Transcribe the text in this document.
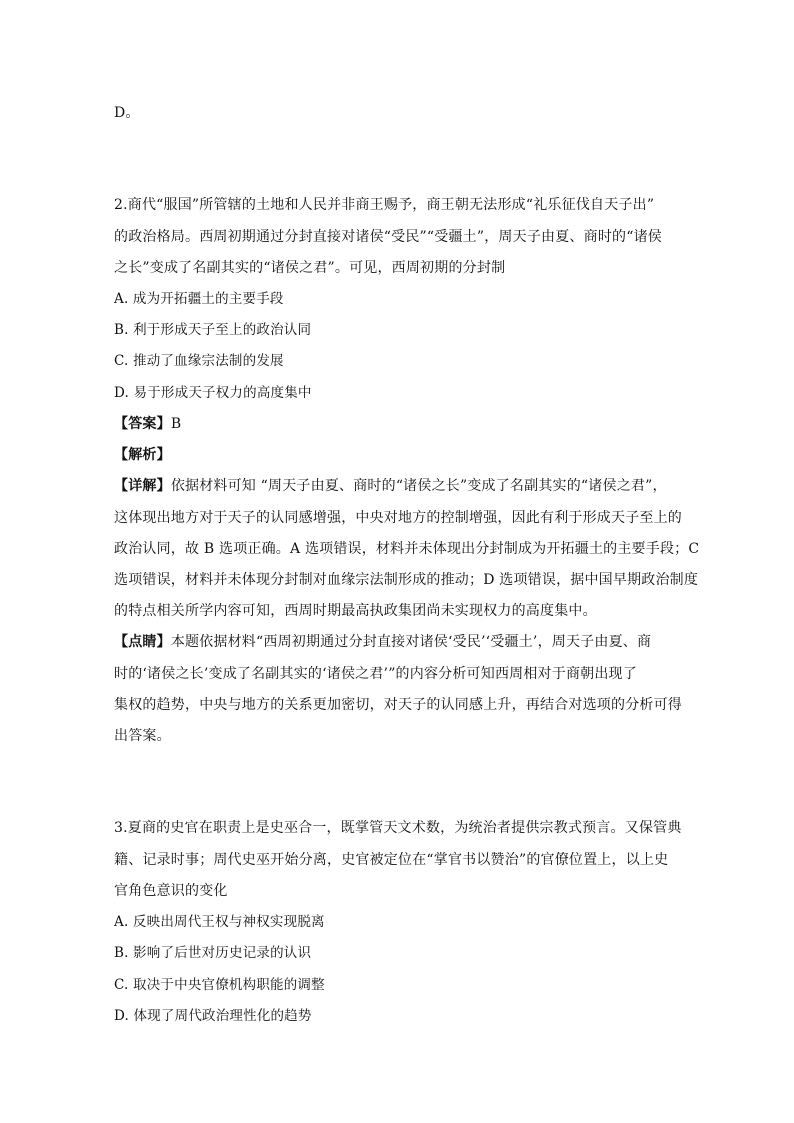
D。
2.商代“服国”所管辖的土地和人民并非商王赐予，商王朝无法形成“礼乐征伐自天子出”
的政治格局。西周初期通过分封直接对诸侯“受民”“受疆土”，周天子由夏、商时的“诸侯
之长”变成了名副其实的“诸侯之君”。可见，西周初期的分封制
A. 成为开拓疆土的主要手段
B. 利于形成天子至上的政治认同
C. 推动了血缘宗法制的发展
D. 易于形成天子权力的高度集中
【答案】B
【解析】
【详解】依据材料可知 “周天子由夏、商时的“诸侯之长”变成了名副其实的“诸侯之君”，
这体现出地方对于天子的认同感增强，中央对地方的控制增强，因此有利于形成天子至上的
政治认同，故 B 选项正确。A 选项错误，材料并未体现出分封制成为开拓疆土的主要手段；C
选项错误，材料并未体现分封制对血缘宗法制形成的推动；D 选项错误，据中国早期政治制度
的特点相关所学内容可知，西周时期最高执政集团尚未实现权力的高度集中。
【点睛】本题依据材料“西周初期通过分封直接对诸侯‘受民’‘受疆土’，周天子由夏、商
时的‘诸侯之长’变成了名副其实的‘诸侯之君’”的内容分析可知西周相对于商朝出现了
集权的趋势，中央与地方的关系更加密切，对天子的认同感上升，再结合对选项的分析可得
出答案。
3.夏商的史官在职责上是史巫合一，既掌管天文术数，为统治者提供宗教式预言。又保管典
籍、记录时事；周代史巫开始分离，史官被定位在“掌官书以赞治”的官僚位置上，以上史
官角色意识的变化
A. 反映出周代王权与神权实现脱离
B. 影响了后世对历史记录的认识
C. 取决于中央官僚机构职能的调整
D. 体现了周代政治理性化的趋势
